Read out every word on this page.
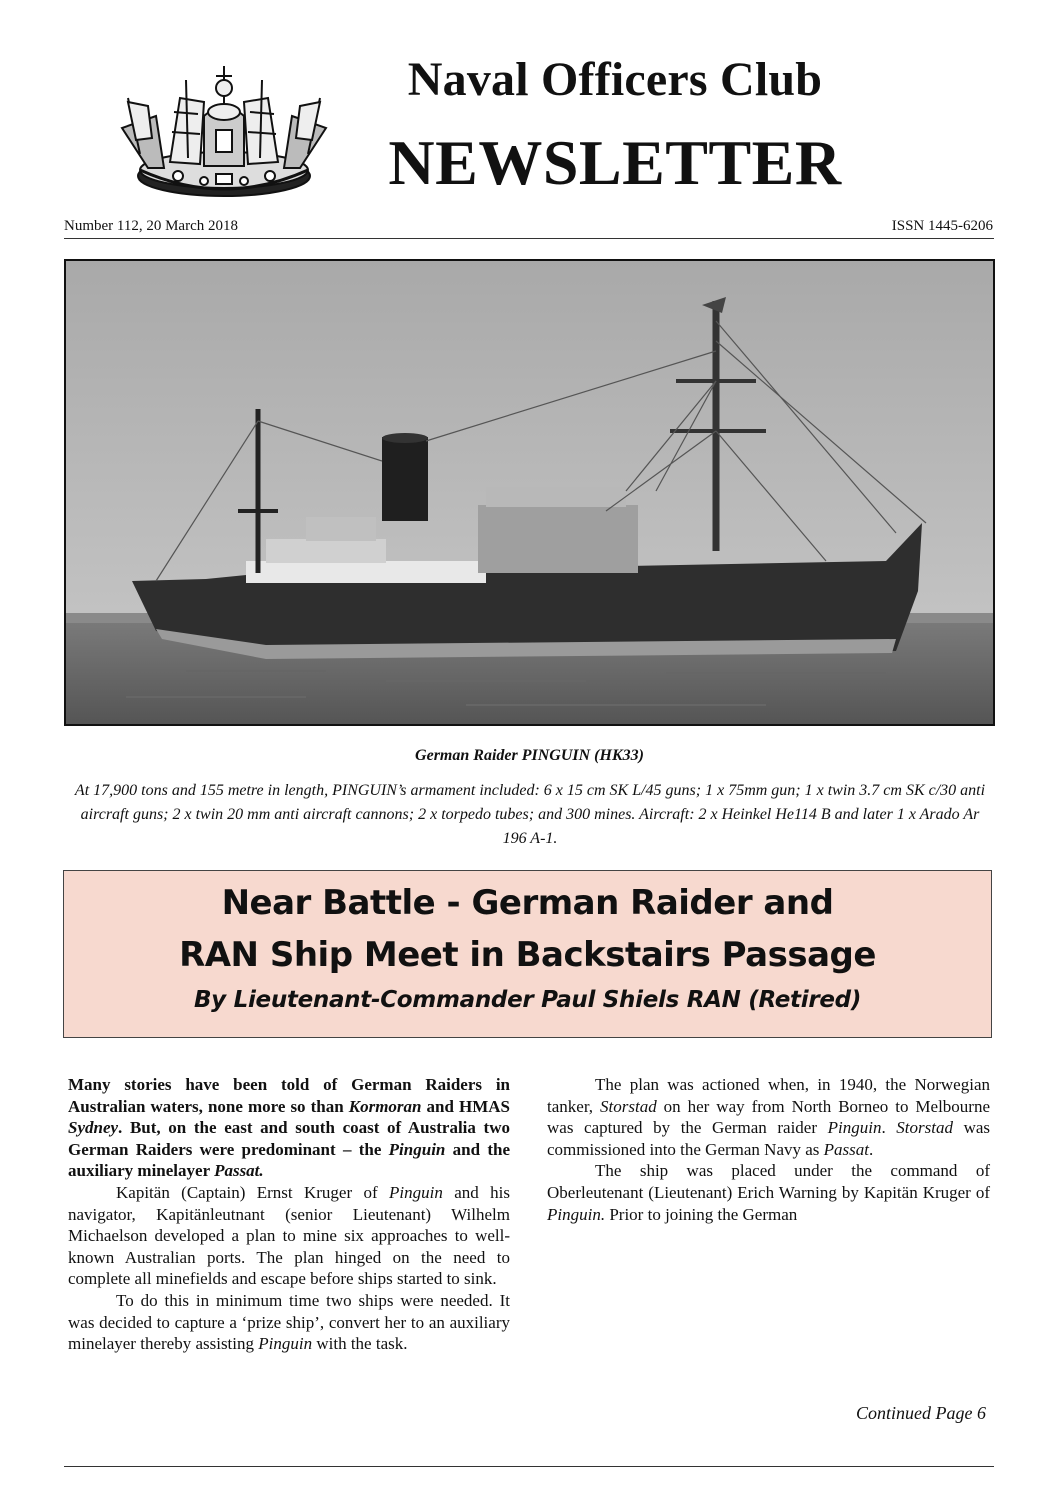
Naval Officers Club
NEWSLETTER
Number 112, 20 March 2018	ISSN 1445-6206
German Raider PINGUIN (HK33)
At 17,900 tons and 155 metre in length, PINGUIN’s armament included: 6 x 15 cm SK L/45 guns; 1 x 75mm gun; 1 x twin 3.7 cm SK c/30 anti aircraft guns; 2 x twin 20 mm anti aircraft cannons; 2 x torpedo tubes; and 300 mines. Aircraft: 2 x Heinkel He114 B and later 1 x Arado Ar 196 A-1.
Near Battle - German Raider and
RAN Ship Meet in Backstairs Passage
By Lieutenant-Commander Paul Shiels RAN (Retired)

Many stories have been told of German Raiders in Australian waters, none more so than Kormoran and HMAS Sydney. But, on the east and south coast of Australia two German Raiders were predominant – the Pinguin and the auxiliary minelayer Passat.

Kapitän (Captain) Ernst Kruger of Pinguin and his navigator, Kapitänleutnant (senior Lieutenant) Wilhelm Michaelson developed a plan to mine six approaches to well-known Australian ports. The plan hinged on the need to complete all minefields and escape before ships started to sink.

To do this in minimum time two ships were needed. It was decided to capture a ‘prize ship’, convert her to an auxiliary minelayer thereby assisting Pinguin with the task.

The plan was actioned when, in 1940, the Norwegian tanker, Storstad on her way from North Borneo to Melbourne was captured by the German raider Pinguin. Storstad was commissioned into the German Navy as Passat.

The ship was placed under the command of Oberleutenant (Lieutenant) Erich Warning by Kapitän Kruger of Pinguin. Prior to joining the German

Continued Page 6
